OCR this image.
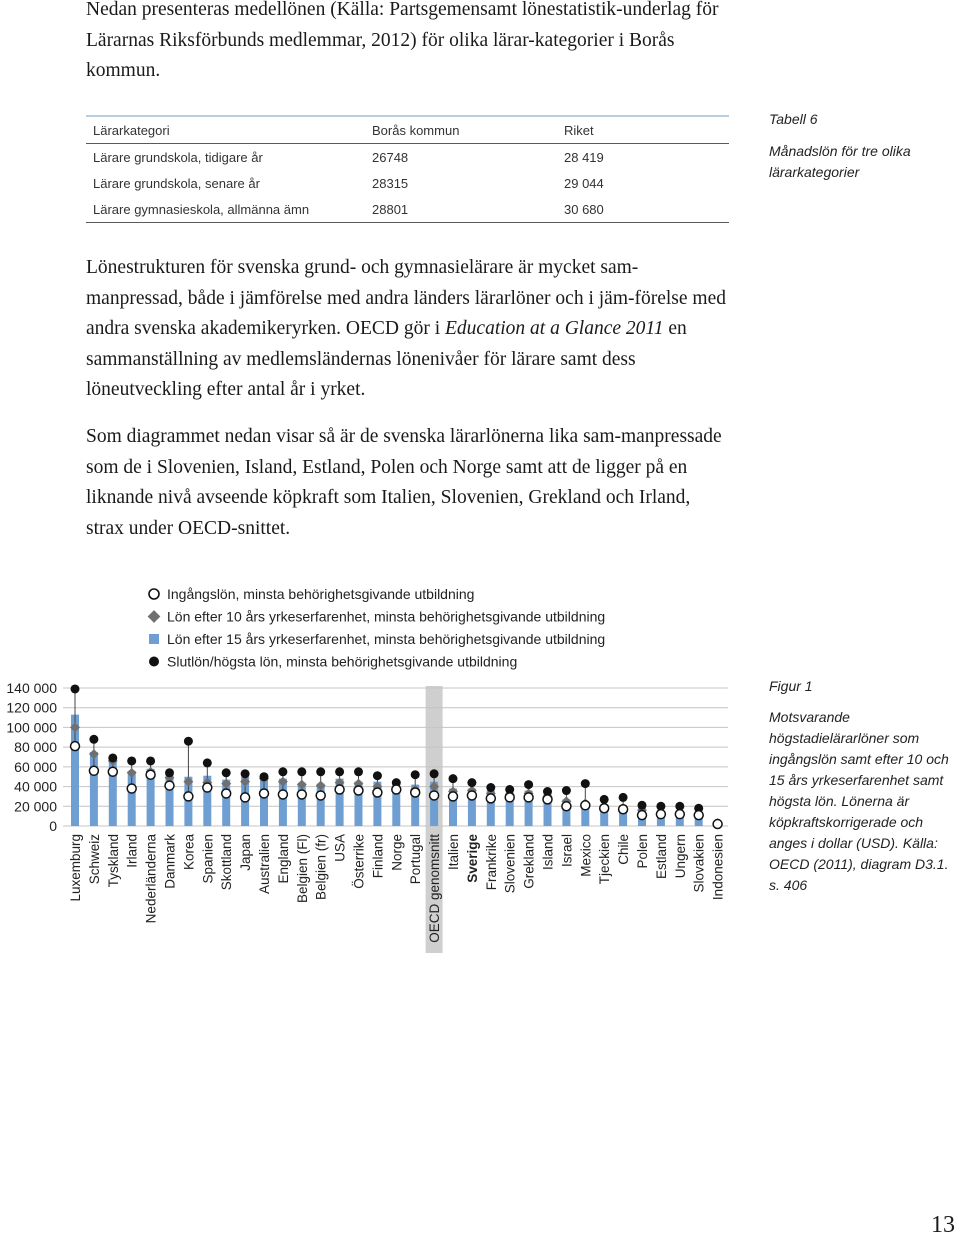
Nedan presenteras medellönen (Källa: Partsgemensamt lönestatistik-underlag för Lärarnas Riksförbunds medlemmar, 2012) för olika lärar-kategorier i Borås kommun.

Lärarkategori	Borås kommun	Riket
Lärare grundskola, tidigare år	26748	28 419
Lärare grundskola, senare år	28315	29 044
Lärare gymnasieskola, allmänna ämn	28801	30 680
Tabell 6
Månadslön för tre olika lärarkategorier

Lönestrukturen för svenska grund- och gymnasielärare är mycket sam-manpressad, både i jämförelse med andra länders lärarlöner och i jäm-förelse med andra svenska akademikeryrken. OECD gör i Education at a Glance 2011 en sammanställning av medlemsländernas lönenivåer för lärare samt dess löneutveckling efter antal år i yrket.

Som diagrammet nedan visar så är de svenska lärarlönerna lika sam-manpressade som de i Slovenien, Island, Estland, Polen och Norge samt att de ligger på en liknande nivå avseende köpkraft som Italien, Slovenien, Grekland och Irland, strax under OECD-snittet.

Ingångslön, minsta behörighetsgivande utbildning
Lön efter 10 års yrkeserfarenhet, minsta behörighetsgivande utbildning
Lön efter 15 års yrkeserfarenhet, minsta behörighetsgivande utbildning
Slutlön/högsta lön, minsta behörighetsgivande utbildning
0
20 000
40 000
60 000
80 000
100 000
120 000
140 000
Luxemburg Schweiz Tyskland Irland Nederländerna Danmark Korea Spanien Skottland Japan Australien England Belgien (Fl) Belgien (fr) USA Österrike Finland Norge Portugal OECD genomsnitt Italien Sverige Frankrike Slovenien Grekland Island Israel Mexico Tjeckien Chile Polen Estland Ungern Slovakien Indonesien
Figur 1
Motsvarande högstadielärarlöner som ingångslön samt efter 10 och 15 års yrkeserfarenhet samt högsta lön. Lönerna är köpkraftskorrigerade och anges i dollar (USD). Källa: OECD (2011), diagram D3.1. s. 406
13
